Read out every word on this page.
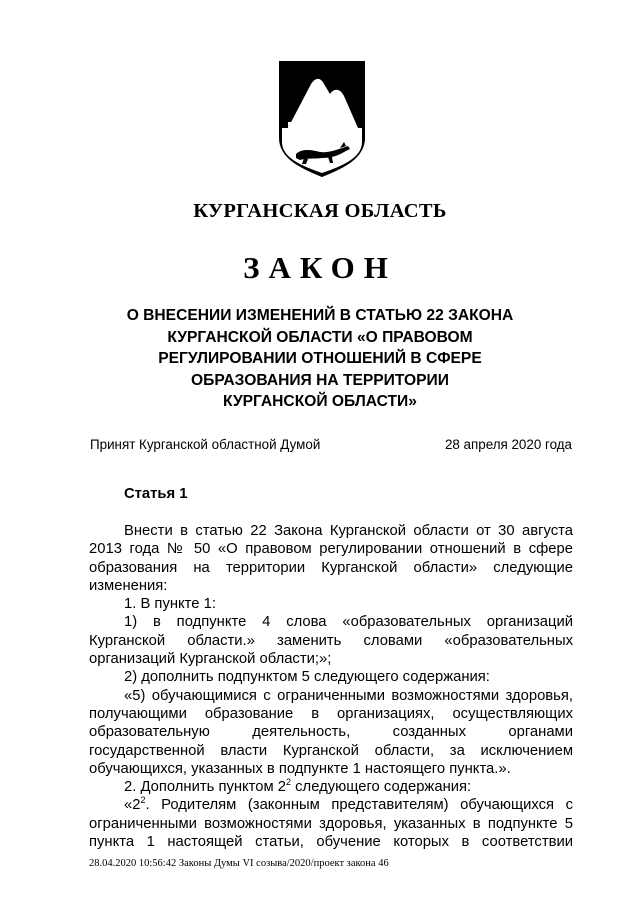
КУРГАНСКАЯ ОБЛАСТЬ
ЗАКОН
О ВНЕСЕНИИ ИЗМЕНЕНИЙ В СТАТЬЮ 22 ЗАКОНА
КУРГАНСКОЙ ОБЛАСТИ «О ПРАВОВОМ
РЕГУЛИРОВАНИИ ОТНОШЕНИЙ В СФЕРЕ
ОБРАЗОВАНИЯ НА ТЕРРИТОРИИ
КУРГАНСКОЙ ОБЛАСТИ»
Принят Курганской областной Думой	28 апреля 2020 года
Статья 1

Внести в статью 22 Закона Курганской области от 30 августа 2013 года № 50 «О правовом регулировании отношений в сфере образования на территории Курганской области» следующие изменения:

1. В пункте 1:

1) в подпункте 4 слова «образовательных организаций Курганской области.» заменить словами «образовательных организаций Курганской области;»;

2) дополнить подпунктом 5 следующего содержания:

«5) обучающимися с ограниченными возможностями здоровья, получающими образование в организациях, осуществляющих образовательную деятельность, созданных органами государственной власти Курганской области, за исключением обучающихся, указанных в подпункте 1 настоящего пункта.».

2. Дополнить пунктом $2^2$ следующего содержания:

«$2^2$. Родителям (законным представителям) обучающихся с ограниченными возможностями здоровья, указанных в подпункте 5 пункта 1 настоящей статьи, обучение которых в соответствии

28.04.2020 10:56:42 Законы Думы VI созыва/2020/проект закона 46
